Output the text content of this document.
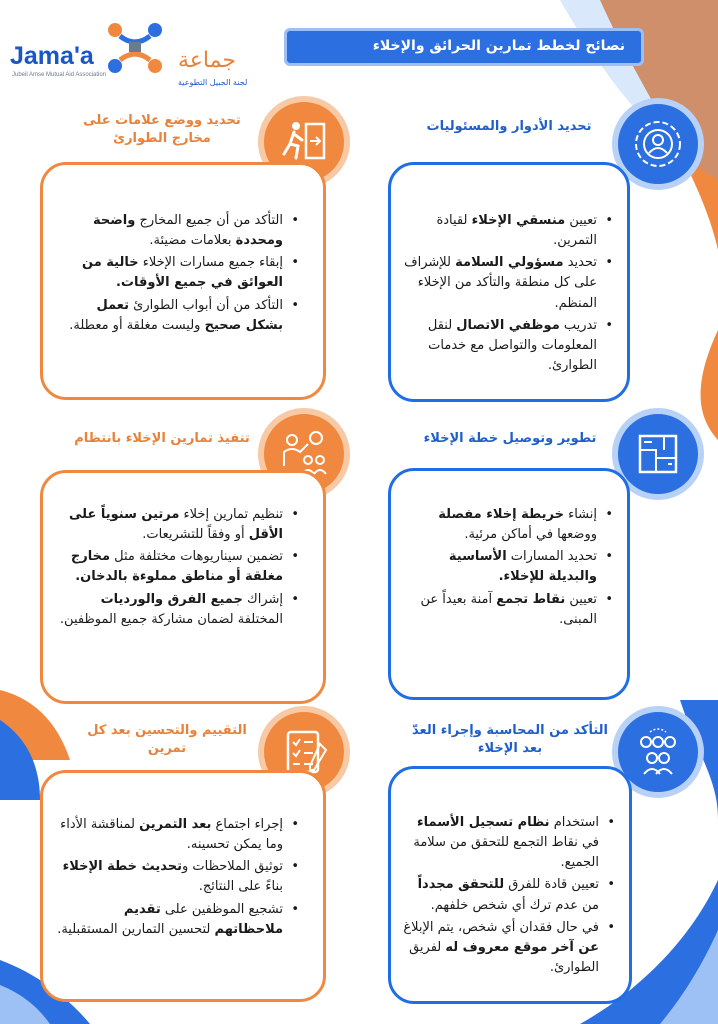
Jama'a	جماعة
Jubeil Amse Mutual Aid Association
لجنة الجبيل التطوعية
نصائح لخطط تمارين الحرائق والإخلاء
تحديد الأدوار والمسئوليات
• تعيين منسقي الإخلاء لقيادة التمرين.
• تحديد مسؤولي السلامة للإشراف على كل منطقة والتأكد من الإخلاء المنظم.
• تدريب موظفي الاتصال لنقل المعلومات والتواصل مع خدمات الطوارئ.
تحديد ووضع علامات على مخارج الطوارئ
• التأكد من أن جميع المخارج واضحة ومحددة بعلامات مضيئة.
• إبقاء جميع مسارات الإخلاء خالية من العوائق في جميع الأوقات.
• التأكد من أن أبواب الطوارئ تعمل بشكل صحيح وليست مغلقة أو معطلة.
تطوير وتوصيل خطة الإخلاء
• إنشاء خريطة إخلاء مفصلة ووضعها في أماكن مرئية.
• تحديد المسارات الأساسية والبديلة للإخلاء.
• تعيين نقاط تجمع آمنة بعيداً عن المبنى.
تنفيذ تمارين الإخلاء بانتظام
• تنظيم تمارين إخلاء مرتين سنوياً على الأقل أو وفقاً للتشريعات.
• تضمين سيناريوهات مختلفة مثل مخارج مغلقة أو مناطق مملوءة بالدخان.
• إشراك جميع الفرق والورديات المختلفة لضمان مشاركة جميع الموظفين.
التأكد من المحاسبة وإجراء العدّ بعد الإخلاء
• استخدام نظام تسجيل الأسماء في نقاط التجمع للتحقق من سلامة الجميع.
• تعيين قادة للفرق للتحقق مجدداً من عدم ترك أي شخص خلفهم.
• في حال فقدان أي شخص، يتم الإبلاغ عن آخر موقع معروف له لفريق الطوارئ.
التقييم والتحسين بعد كل تمرين
• إجراء اجتماع بعد التمرين لمناقشة الأداء وما يمكن تحسينه.
• توثيق الملاحظات وتحديث خطة الإخلاء بناءً على النتائج.
• تشجيع الموظفين على تقديم ملاحظاتهم لتحسين التمارين المستقبلية.
